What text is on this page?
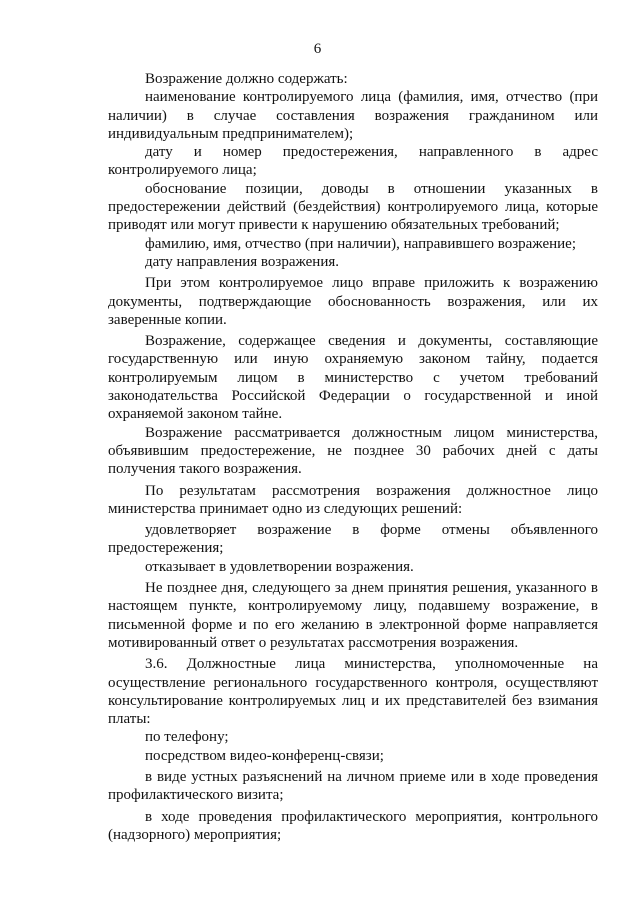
6

Возражение должно содержать:

наименование контролируемого лица (фамилия, имя, отчество (при наличии) в случае составления возражения гражданином или индивидуальным предпринимателем);

дату и номер предостережения, направленного в адрес контролируемого лица;

обоснование позиции, доводы в отношении указанных в предостережении действий (бездействия) контролируемого лица, которые приводят или могут привести к нарушению обязательных требований;

фамилию, имя, отчество (при наличии), направившего возражение;

дату направления возражения.

При этом контролируемое лицо вправе приложить к возражению документы, подтверждающие обоснованность возражения, или их заверенные копии.

Возражение, содержащее сведения и документы, составляющие государственную или иную охраняемую законом тайну, подается контролируемым лицом в министерство с учетом требований законодательства Российской Федерации о государственной и иной охраняемой законом тайне.

Возражение рассматривается должностным лицом министерства, объявившим предостережение, не позднее 30 рабочих дней с даты получения такого возражения.

По результатам рассмотрения возражения должностное лицо министерства принимает одно из следующих решений:

удовлетворяет возражение в форме отмены объявленного предостережения;

отказывает в удовлетворении возражения.

Не позднее дня, следующего за днем принятия решения, указанного в настоящем пункте, контролируемому лицу, подавшему возражение, в письменной форме и по его желанию в электронной форме направляется мотивированный ответ о результатах рассмотрения возражения.

3.6. Должностные лица министерства, уполномоченные на осуществление регионального государственного контроля, осуществляют консультирование контролируемых лиц и их представителей без взимания платы:

по телефону;

посредством видео-конференц-связи;

в виде устных разъяснений на личном приеме или в ходе проведения профилактического визита;

в ходе проведения профилактического мероприятия, контрольного (надзорного) мероприятия;
